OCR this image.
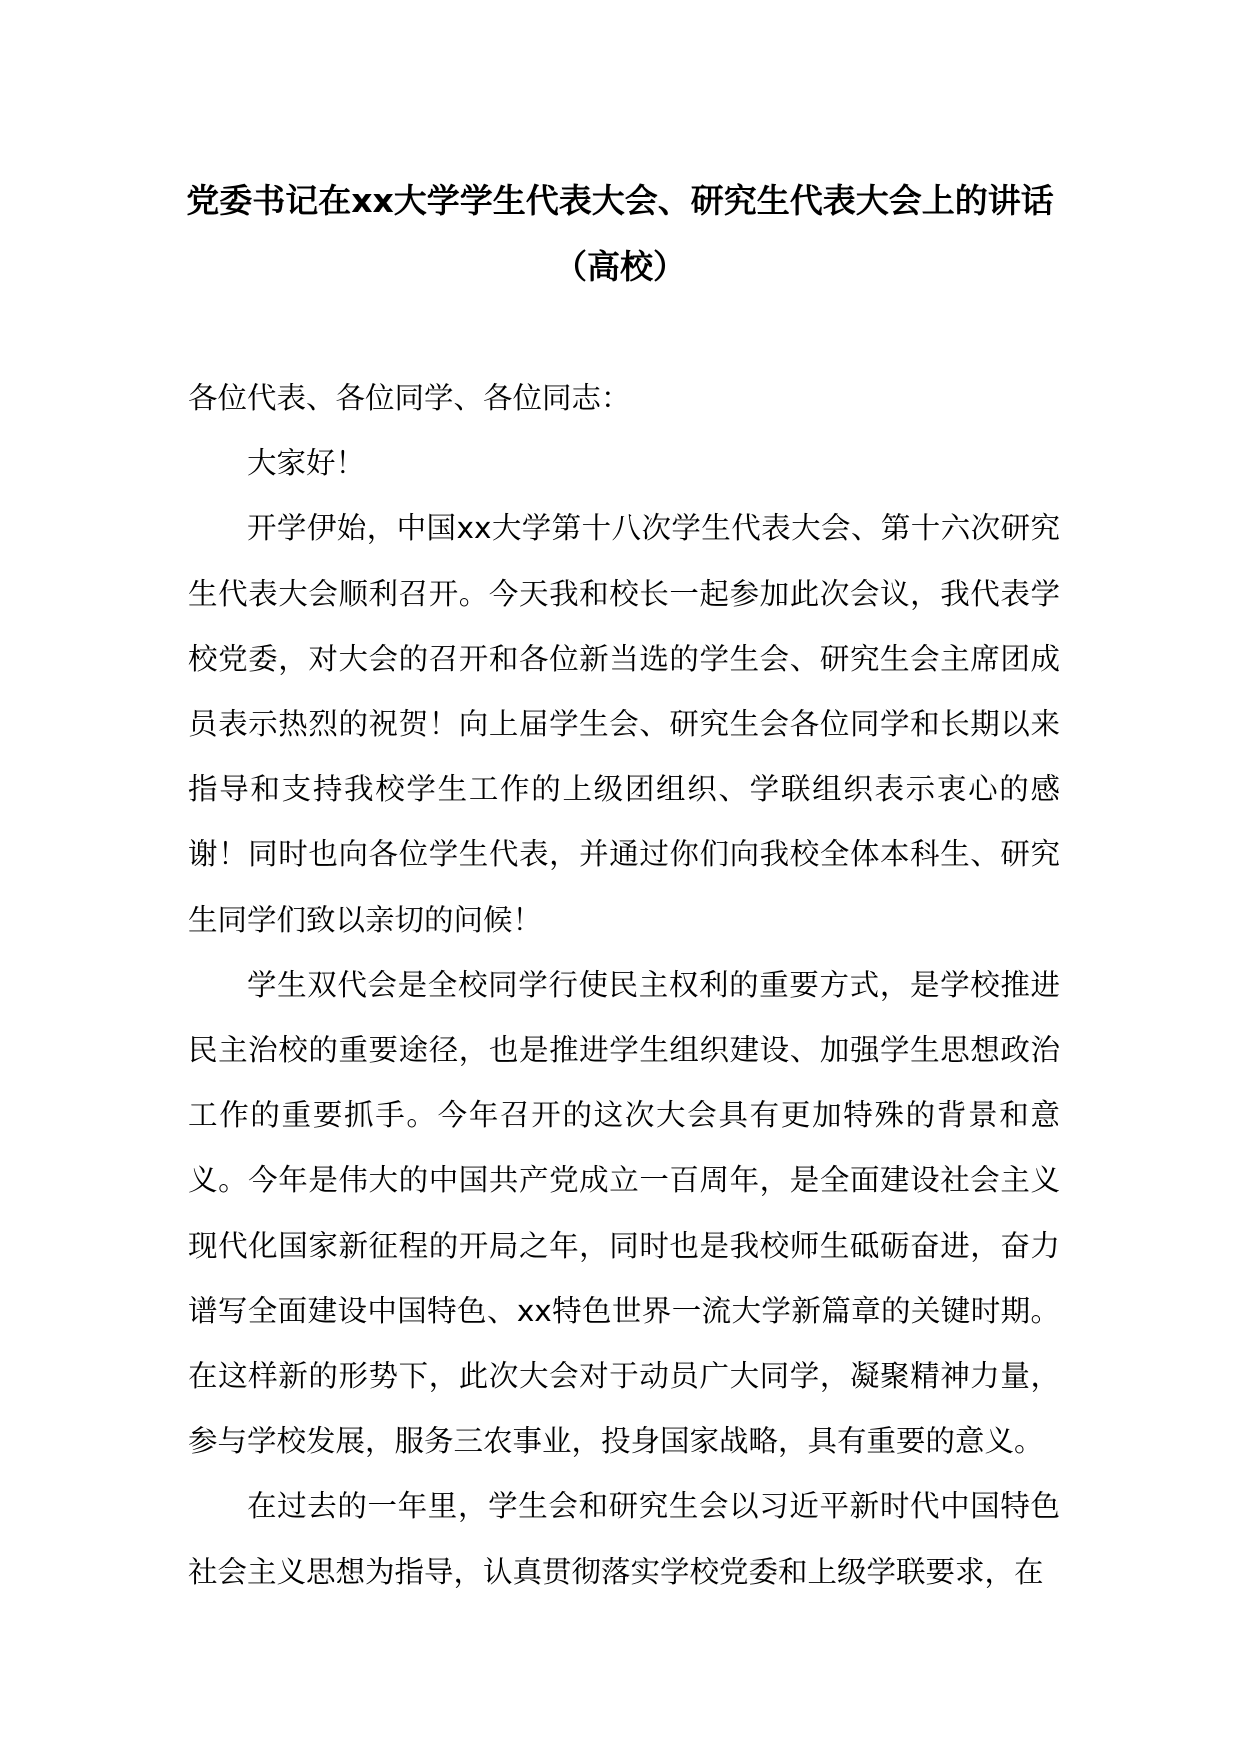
党委书记在xx大学学生代表大会、研究生代表大会上的讲话（高校）

各位代表、各位同学、各位同志：

大家好！

开学伊始，中国xx大学第十八次学生代表大会、第十六次研究生代表大会顺利召开。今天我和校长一起参加此次会议，我代表学校党委，对大会的召开和各位新当选的学生会、研究生会主席团成员表示热烈的祝贺！向上届学生会、研究生会各位同学和长期以来指导和支持我校学生工作的上级团组织、学联组织表示衷心的感谢！同时也向各位学生代表，并通过你们向我校全体本科生、研究生同学们致以亲切的问候！

学生双代会是全校同学行使民主权利的重要方式，是学校推进民主治校的重要途径，也是推进学生组织建设、加强学生思想政治工作的重要抓手。今年召开的这次大会具有更加特殊的背景和意义。今年是伟大的中国共产党成立一百周年，是全面建设社会主义现代化国家新征程的开局之年，同时也是我校师生砥砺奋进，奋力谱写全面建设中国特色、xx特色世界一流大学新篇章的关键时期。在这样新的形势下，此次大会对于动员广大同学，凝聚精神力量，参与学校发展，服务三农事业，投身国家战略，具有重要的意义。

在过去的一年里，学生会和研究生会以习近平新时代中国特色社会主义思想为指导，认真贯彻落实学校党委和上级学联要求，在
